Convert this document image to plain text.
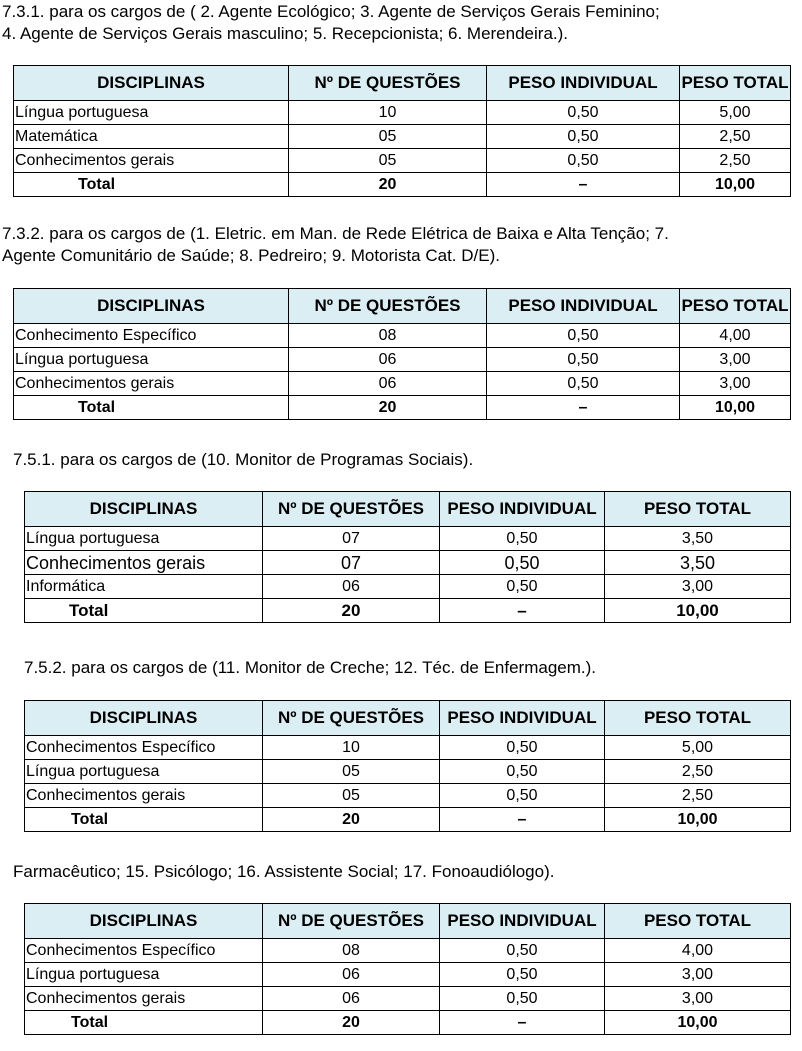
7.3.1. para os cargos de ( 2. Agente Ecológico; 3. Agente de Serviços Gerais Feminino;
4. Agente de Serviços Gerais masculino; 5. Recepcionista; 6. Merendeira.).
DISCIPLINAS	Nº DE QUESTÕES	PESO INDIVIDUAL	PESO TOTAL
Língua portuguesa	10	0,50	5,00
Matemática	05	0,50	2,50
Conhecimentos gerais	05	0,50	2,50
Total	20	–	10,00
7.3.2. para os cargos de (1. Eletric. em Man. de Rede Elétrica de Baixa e Alta Tenção; 7.
Agente Comunitário de Saúde; 8. Pedreiro; 9. Motorista Cat. D/E).
DISCIPLINAS	Nº DE QUESTÕES	PESO INDIVIDUAL	PESO TOTAL
Conhecimento Específico	08	0,50	4,00
Língua portuguesa	06	0,50	3,00
Conhecimentos gerais	06	0,50	3,00
Total	20	–	10,00
7.5.1. para os cargos de (10. Monitor de Programas Sociais).
DISCIPLINAS	Nº DE QUESTÕES	PESO INDIVIDUAL	PESO TOTAL
Língua portuguesa	07	0,50	3,50
Conhecimentos gerais	07	0,50	3,50
Informática	06	0,50	3,00
Total	20	–	10,00
7.5.2. para os cargos de (11. Monitor de Creche; 12. Téc. de Enfermagem.).
DISCIPLINAS	Nº DE QUESTÕES	PESO INDIVIDUAL	PESO TOTAL
Conhecimentos Específico	10	0,50	5,00
Língua portuguesa	05	0,50	2,50
Conhecimentos gerais	05	0,50	2,50
Total	20	–	10,00
Farmacêutico; 15. Psicólogo; 16. Assistente Social; 17. Fonoaudiólogo).
DISCIPLINAS	Nº DE QUESTÕES	PESO INDIVIDUAL	PESO TOTAL
Conhecimentos Específico	08	0,50	4,00
Língua portuguesa	06	0,50	3,00
Conhecimentos gerais	06	0,50	3,00
Total	20	–	10,00
